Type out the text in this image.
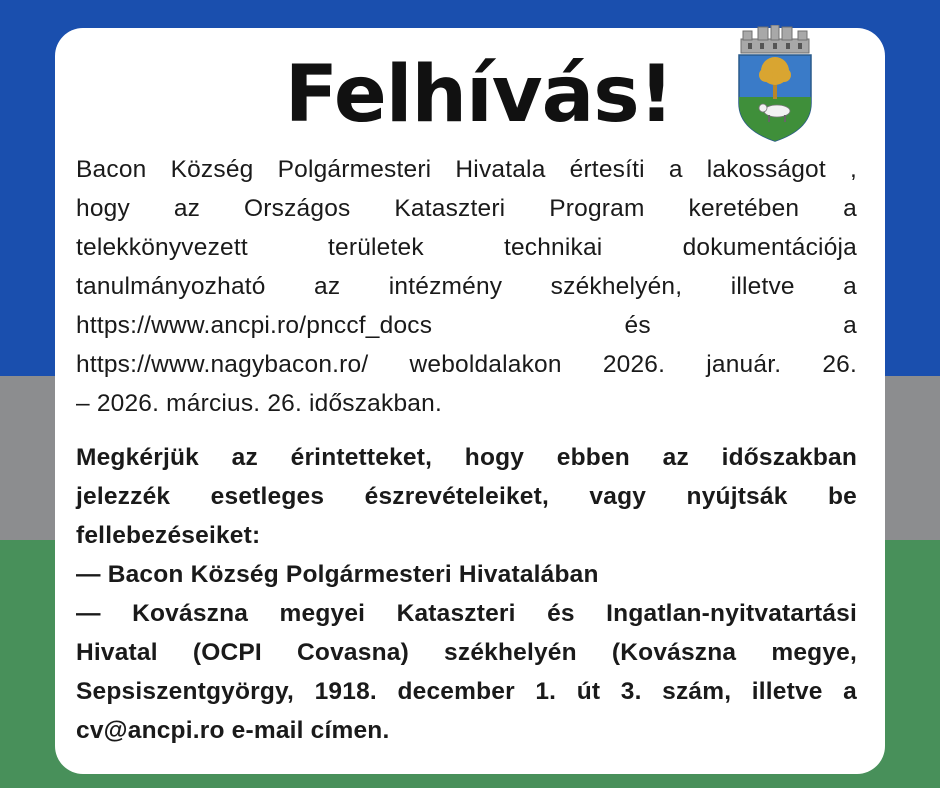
Felhívás!

Bacon Község Polgármesteri Hivatala értesíti a lakosságot ,
hogy az Országos Kataszteri Program keretében a
telekkönyvezett területek technikai dokumentációja
tanulmányozható az intézmény székhelyén, illetve a
https://www.ancpi.ro/pnccf_docs és a
https://www.nagybacon.ro/ weboldalakon 2026. január. 26.
– 2026. március. 26. időszakban.

Megkérjük az érintetteket, hogy ebben az időszakban
jelezzék esetleges észrevételeiket, vagy nyújtsák be
fellebezéseiket:
— Bacon Község Polgármesteri Hivatalában
— Kovászna megyei Kataszteri és Ingatlan-nyitvatartási
Hivatal (OCPI Covasna) székhelyén (Kovászna megye,
Sepsiszentgyörgy, 1918. december 1. út 3. szám, illetve a
cv@ancpi.ro e-mail címen.
